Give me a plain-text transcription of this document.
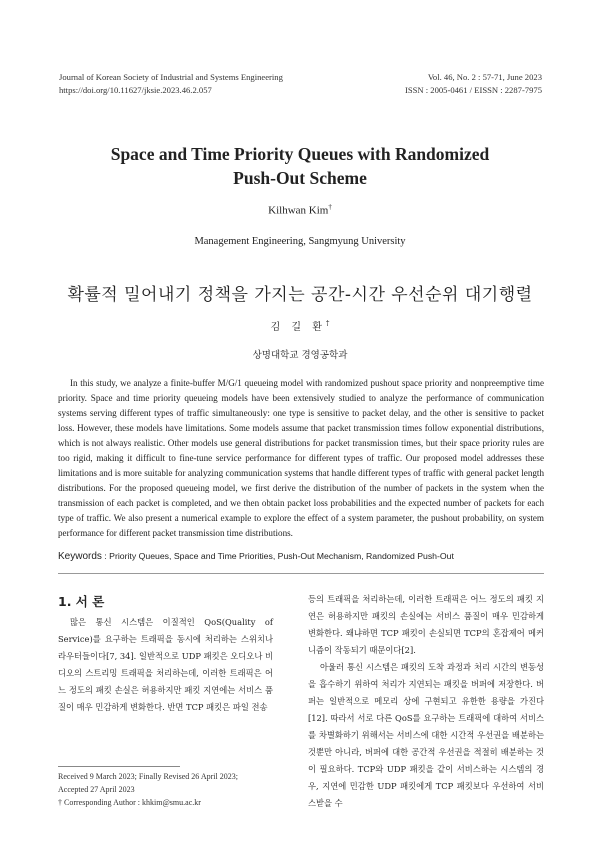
Journal of Korean Society of Industrial and Systems Engineering
https://doi.org/10.11627/jksie.2023.46.2.057
Vol. 46, No. 2 : 57-71, June 2023
ISSN : 2005-0461 / EISSN : 2287-7975
Space and Time Priority Queues with Randomized
Push-Out Scheme
Kilhwan Kim†
Management Engineering, Sangmyung University
확률적 밀어내기 정책을 가지는 공간-시간 우선순위 대기행렬
김 길 환†
상명대학교 경영공학과

In this study, we analyze a finite-buffer M/G/1 queueing model with randomized pushout space priority and nonpreemptive time priority. Space and time priority queueing models have been extensively studied to analyze the performance of communication systems serving different types of traffic simultaneously: one type is sensitive to packet delay, and the other is sensitive to packet loss. However, these models have limitations. Some models assume that packet transmission times follow exponential distributions, which is not always realistic. Other models use general distributions for packet transmission times, but their space priority rules are too rigid, making it difficult to fine-tune service performance for different types of traffic. Our proposed model addresses these limitations and is more suitable for analyzing communication systems that handle different types of traffic with general packet length distributions. For the proposed queueing model, we first derive the distribution of the number of packets in the system when the transmission of each packet is completed, and we then obtain packet loss probabilities and the expected number of packets for each type of traffic. We also present a numerical example to explore the effect of a system parameter, the pushout probability, on system performance for different packet transmission time distributions.

Keywords : Priority Queues, Space and Time Priorities, Push-Out Mechanism, Randomized Push-Out
1. 서 론

많은 통신 시스템은 이질적인 QoS(Quality of Service)를 요구하는 트래픽을 동시에 처리하는 스위치나 라우터들이다[7, 34]. 일반적으로 UDP 패킷은 오디오나 비디오의 스트리밍 트래픽을 처리하는데, 이러한 트래픽은 어느 정도의 패킷 손실은 허용하지만 패킷 지연에는 서비스 품질이 매우 민감하게 변화한다. 반면 TCP 패킷은 파일 전송

등의 트래픽을 처리하는데, 이러한 트래픽은 어느 정도의 패킷 지연은 허용하지만 패킷의 손실에는 서비스 품질이 매우 민감하게 변화한다. 왜냐하면 TCP 패킷이 손실되면 TCP의 혼잡제어 메커니즘이 작동되기 때문이다[2].

아울러 통신 시스템은 패킷의 도착 과정과 처리 시간의 변동성을 흡수하기 위하여 처리가 지연되는 패킷을 버퍼에 저장한다. 버퍼는 일반적으로 메모리 상에 구현되고 유한한 용량을 가진다[12]. 따라서 서로 다른 QoS를 요구하는 트래픽에 대하여 서비스를 차별화하기 위해서는 서비스에 대한 시간적 우선권을 배분하는 것뿐만 아니라, 버퍼에 대한 공간적 우선권을 적절히 배분하는 것이 필요하다. TCP와 UDP 패킷을 같이 서비스하는 시스템의 경우, 지연에 민감한 UDP 패킷에게 TCP 패킷보다 우선하여 서비스받을 수

Received 9 March 2023; Finally Revised 26 April 2023;
Accepted 27 April 2023
† Corresponding Author : khkim@smu.ac.kr
